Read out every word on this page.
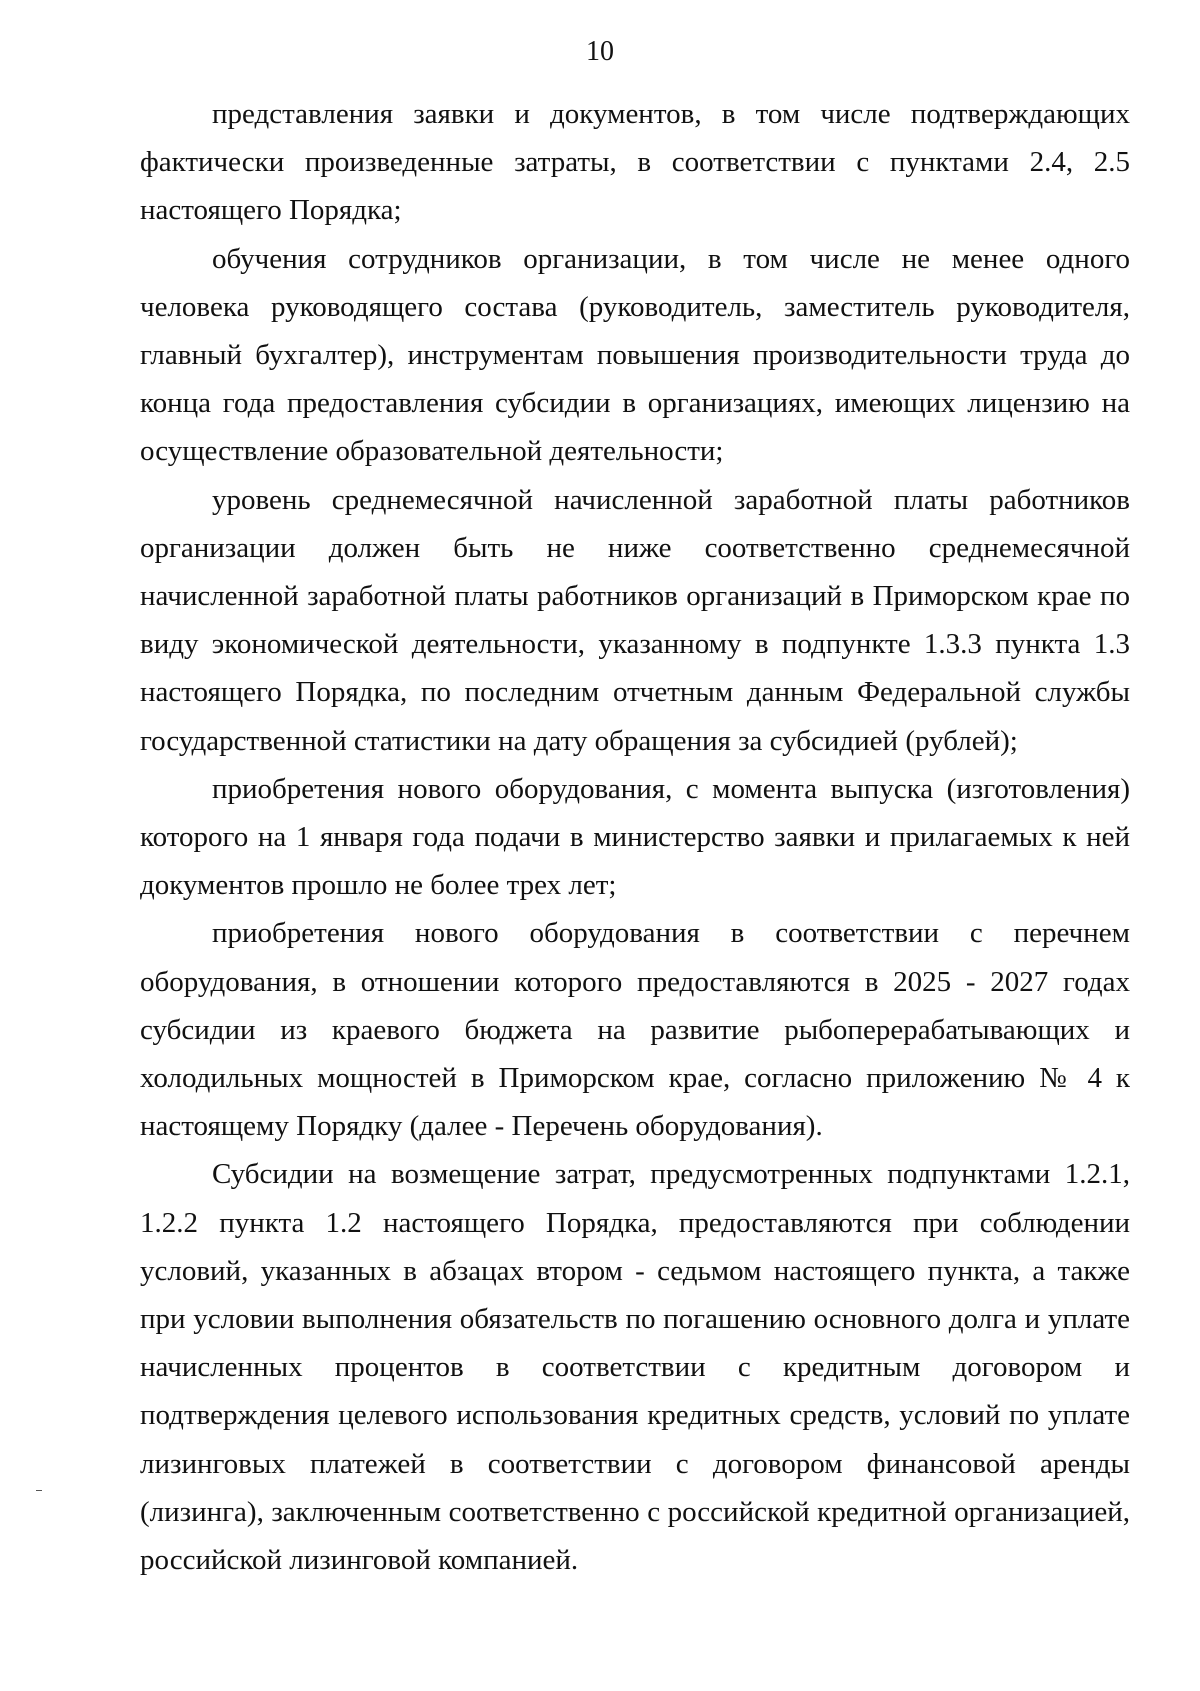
10

представления заявки и документов, в том числе подтверждающих фактически произведенные затраты, в соответствии с пунктами 2.4, 2.5 настоящего Порядка;

обучения сотрудников организации, в том числе не менее одного человека руководящего состава (руководитель, заместитель руководителя, главный бухгалтер), инструментам повышения производительности труда до конца года предоставления субсидии в организациях, имеющих лицензию на осуществление образовательной деятельности;

уровень среднемесячной начисленной заработной платы работников организации должен быть не ниже соответственно среднемесячной начисленной заработной платы работников организаций в Приморском крае по виду экономической деятельности, указанному в подпункте 1.3.3 пункта 1.3 настоящего Порядка, по последним отчетным данным Федеральной службы государственной статистики на дату обращения за субсидией (рублей);

приобретения нового оборудования, с момента выпуска (изготовления) которого на 1 января года подачи в министерство заявки и прилагаемых к ней документов прошло не более трех лет;

приобретения нового оборудования в соответствии с перечнем оборудования, в отношении которого предоставляются в 2025 - 2027 годах субсидии из краевого бюджета на развитие рыбоперерабатывающих и холодильных мощностей в Приморском крае, согласно приложению № 4 к настоящему Порядку (далее - Перечень оборудования).

Субсидии на возмещение затрат, предусмотренных подпунктами 1.2.1, 1.2.2 пункта 1.2 настоящего Порядка, предоставляются при соблюдении условий, указанных в абзацах втором - седьмом настоящего пункта, а также при условии выполнения обязательств по погашению основного долга и уплате начисленных процентов в соответствии с кредитным договором и подтверждения целевого использования кредитных средств, условий по уплате лизинговых платежей в соответствии с договором финансовой аренды (лизинга), заключенным соответственно с российской кредитной организацией, российской лизинговой компанией.
